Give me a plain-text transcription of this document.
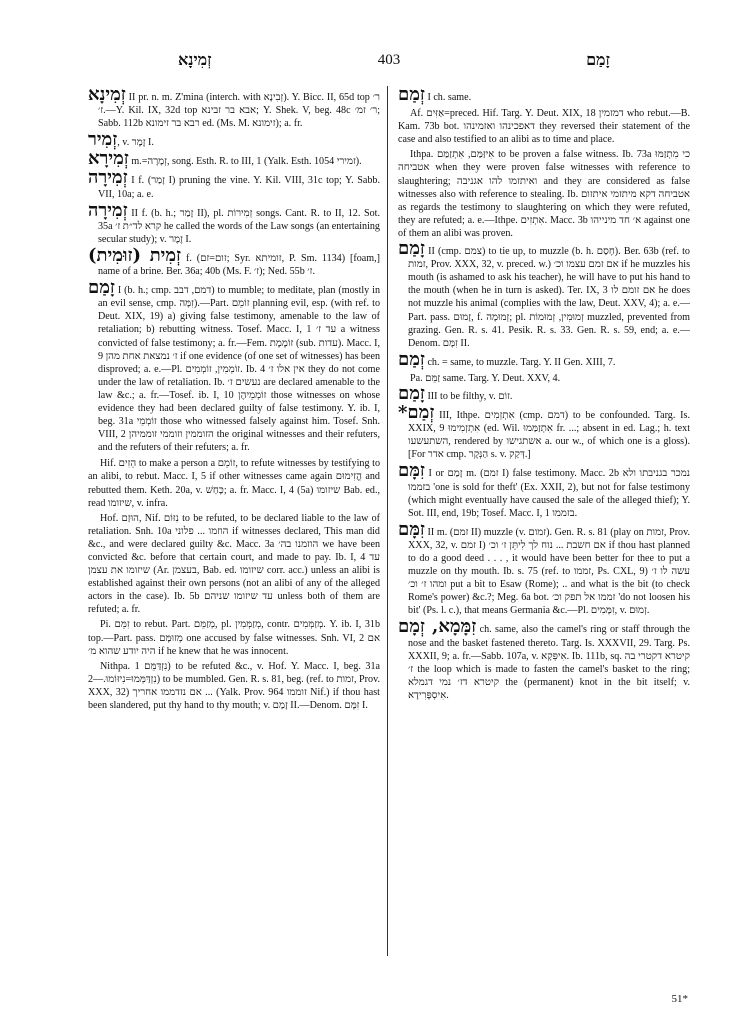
זְמִינָא	403	זָמַם

זְמִינָא II pr. n. m. Z'mina (interch. with זְבִינָא). Y. Bicc. II, 65d top ר׳ ז׳.—Y. Kil. IX, 32d top אבא בר זבינא; Y. Shek. V, beg. 48c ר׳ זמ׳; Sabb. 112b רבא בר זימונא ed. (Ms. M. זימונא); a. fr.

זְמִיר, v. זֶמֶר I.

זְמִירָא m.=זְמָרָה, song. Esth. R. to III, 1 (Yalk. Esth. 1054 זמירי).

זְמִירָה I f. (זָמַר I) pruning the vine. Y. Kil. VIII, 31c top; Y. Sabb. VII, 10a; a. e.

זְמִירָה II f. (b. h.; זָמַר II), pl. זְמִירוֹת songs. Cant. R. to II, 12. Sot. 35a קרא לד״ת ז׳ he called the words of the Law songs (an entertaining secular study); v. זֶמֶר I.

זְמִית (זוּמִית) f. (זום=זם; Syr. זומיתא, P. Sm. 1134) [foam,] name of a brine. Ber. 36a; 40b (Ms. F. ז׳); Ned. 55b ז׳.

זָמַם I (b. h.; cmp. דמם, דבב) to mumble; to meditate, plan (mostly in an evil sense, cmp. זִמָּה).—Part. זוֹמֵם planning evil, esp. (with ref. to Deut. XIX, 19) a) giving false testimony, amenable to the law of retaliation; b) rebutting witness. Tosef. Macc. I, 1 עד ז׳ a witness convicted of false testimony; a. fr.—Fem. זוֹמֶמֶת (sub. עדות). Macc. I, 9 ז׳ נמצאת אחת מהן if one evidence (of one set of witnesses) has been disproved; a. e.—Pl. זוֹמְמִין, זוֹמְמִים. Ib. 4 אין אלו ז׳ they do not come under the law of retaliation. Ib. נעשים ז׳ are declared amenable to the law &c.; a. fr.—Tosef. ib. I, 10 זוֹמְמֵיהֶן those witnesses on whose evidence they had been declared guilty of false testimony. Y. ib. I, beg. 31a זוֹמְמֵי those who witnessed falsely against him. Tosef. Snh. VIII, 2 הזוממין וזוממי זוממיהן the original witnesses and their refuters, and the refuters of their refuters; a. fr.

Hif. הֵזִים to make a person a זוֹמֵם, to refute witnesses by testifying to an alibi, to rebut. Macc. I, 5 if other witnesses came again הֱזִימוּם and rebutted them. Keth. 20a, v. כָּחַשׁ; a. fr. Macc. I, 4 (5a) שיזומו Bab. ed., read שיזומו, v. infra.

Hof. הוּזַם, Nif. נִזּוֹם to be refuted, to be declared liable to the law of retaliation. Snh. 10a הוזמו ... פלוני if witnesses declared, This man did &c., and were declared guilty &c. Macc. 3a הוזמנו בה׳ we have been convicted &c. before that certain court, and made to pay. Ib. I, 4 עד שיזומו את עצמן (Ar. בעצמן, Bab. ed. שיזומו corr. acc.) unless an alibi is established against their own persons (not an alibi of any of the alleged actors in the case). Ib. 5b עד שיזומו שניהם unless both of them are refuted; a. fr.

Pi. זִמֵּם to rebut. Part. מְזַמֵּם, pl. מְזַמְּמִין, contr. מְזַמְּמִים. Y. ib. I, 31b top.—Part. pass. מְזוּמָּם one accused by false witnesses. Snh. VI, 2 אם היה יודע שהוא מ׳ if he knew that he was innocent.

Nithpa. נִזְדַּמֵּם 1) to be refuted &c., v. Hof. Y. Macc. I, beg. 31a נִזְדַּמְּמוּ=נִיזּוֹמוּ.—2) to be mumbled. Gen. R. s. 81, beg. (ref. to זמות, Prov. XXX, 32) אם נזדממו אחריך ... (Yalk. Prov. 964 זוממו Nif.) if thou hast been slandered, put thy hand to thy mouth; v. זָמַם II.—Denom. זִמָּם I.

זְמַם I ch. same.

Af. אַזִּים=preced. Hif. Targ. Y. Deut. XIX, 18 דמזמין who rebut.—B. Kam. 73b bot. דאפכינהו ואזמינהו they reversed their statement of the case and also testified to an alibi as to time and place.

Ithpa. אִיזַּמַּם, אִתְזַמַּם to be proven a false witness. Ib. 73a כי מִתְזַמּוּ אטביחה when they were proven false witnesses with reference to slaughtering; ואיתזמו להו אגניבה and they are considered as false witnesses also with reference to stealing. Ib. אטביחה דקא מיתזמי איתזום as regards the testimony to slaughtering on which they were refuted, they are refuted; a. e.—Ithpe. אִתְזִים. Macc. 3b א׳ חד מינייהו against one of them an alibi was proven.

זָמַם II (cmp. צמם) to tie up, to muzzle (b. h. חָסַם). Ber. 63b (ref. to זמות, Prov. XXX, 32, v. preced. w.) אם זמם עצמו וכ׳ if he muzzles his mouth (is ashamed to ask his teacher), he will have to put his hand to the mouth (when he in turn is asked). Ter. IX, 3 אם זומם לו he does not muzzle his animal (complies with the law, Deut. XXV, 4); a. e.—Part. pass. זָמוּם, f. זְמוּמָה; pl. זְמוּמִין, זְמוּמוֹת muzzled, prevented from grazing. Gen. R. s. 41. Pesik. R. s. 33. Gen. R. s. 59, end; a. e.—Denom. זִמָּם II.

זְמַם ch. = same, to muzzle. Targ. Y. II Gen. XIII, 7.

Pa. זַמֵּם same. Targ. Y. Deut. XXV, 4.

זָמַם III to be filthy, v. זוֹם.

*זְמַם III, Ithpe. אִתְזְמִים (cmp. דמם) to be confounded. Targ. Is. XXIX, 9 אִתְזְמִימוּ (ed. Wil. אִתְזַמַּמוּ fr. ...; absent in ed. Lag.; h. text השתעשעו, rendered by אשתגישו a. our w., of which one is a gloss). [For אדר cmp. הַנְּקָר s. v. דְּקַק.]

זִמָּם I or זָמַם m. (זמם I) false testimony. Macc. 2b נמכר בגניבתו ולא בזממו 'one is sold for theft' (Ex. XXII, 2), but not for false testimony (which might eventually have caused the sale of the alleged thief); Y. Sot. III, end, 19b; Tosef. Macc. I, 1 בזממו.

זִמָּם II m. (זמם II) muzzle (v. זמום). Gen. R. s. 81 (play on זמות, Prov. XXX, 32, v. זמם I) אם חשבת ... נוח לך לִיתֵּן ז׳ וכ׳ if thou hast planned to do a good deed . . . , it would have been better for thee to put a muzzle on thy mouth. Ib. s. 75 (ref. to זממו, Ps. CXL, 9) עשה לו ז׳ ומהו ז׳ וכ׳ put a bit to Esaw (Rome); .. and what is the bit (to check Rome's power) &c.?; Meg. 6a bot. זממו אל תפק וכ׳ 'do not loosen his bit' (Ps. l. c.), that means Germania &c.—Pl. זִמָּמִים, v. זְמוּם.

זִמָּמָא, זְמָם ch. same, also the camel's ring or staff through the nose and the basket fastened thereto. Targ. Is. XXXVII, 29. Targ. Ps. XXXII, 9; a. fr.—Sabb. 107a, v. אִיפְּקָא. Ib. 111b, sq. קיטרא דקטרי בה ז׳ the loop which is made to fasten the camel's basket to the ring; קיטרא דז׳ נמי דגמלא the (permanent) knot in the bit itself; v. אִיסְפָּרִידָא.

51*
